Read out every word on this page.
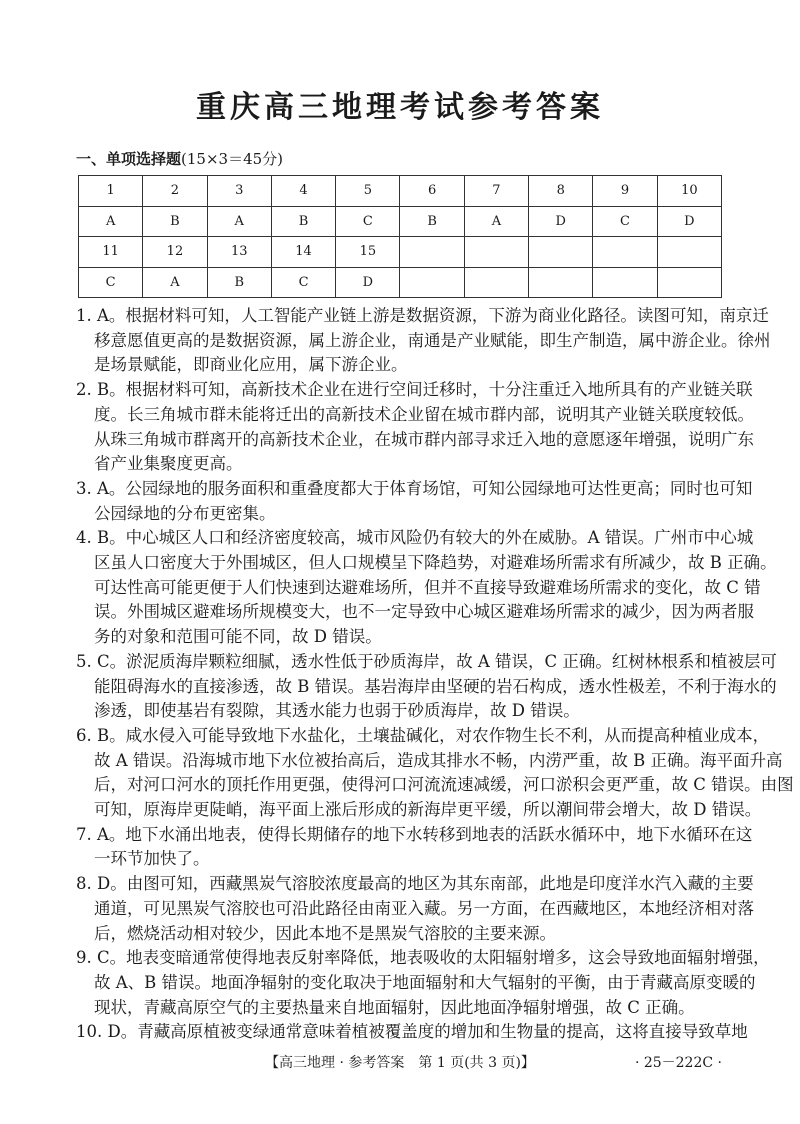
重庆高三地理考试参考答案
一、单项选择题(15×3＝45分)
1	2	3	4	5	6	7	8	9	10
A	B	A	B	C	B	A	D	C	D
11	12	13	14	15					
C	A	B	C	D					
1. A。根据材料可知，人工智能产业链上游是数据资源，下游为商业化路径。读图可知，南京迁
移意愿值更高的是数据资源，属上游企业，南通是产业赋能，即生产制造，属中游企业。徐州
是场景赋能，即商业化应用，属下游企业。
2. B。根据材料可知，高新技术企业在进行空间迁移时，十分注重迁入地所具有的产业链关联
度。长三角城市群未能将迁出的高新技术企业留在城市群内部，说明其产业链关联度较低。
从珠三角城市群离开的高新技术企业，在城市群内部寻求迁入地的意愿逐年增强，说明广东
省产业集聚度更高。
3. A。公园绿地的服务面积和重叠度都大于体育场馆，可知公园绿地可达性更高；同时也可知
公园绿地的分布更密集。
4. B。中心城区人口和经济密度较高，城市风险仍有较大的外在威胁。A 错误。广州市中心城
区虽人口密度大于外围城区，但人口规模呈下降趋势，对避难场所需求有所减少，故 B 正确。
可达性高可能更便于人们快速到达避难场所，但并不直接导致避难场所需求的变化，故 C 错
误。外围城区避难场所规模变大，也不一定导致中心城区避难场所需求的减少，因为两者服
务的对象和范围可能不同，故 D 错误。
5. C。淤泥质海岸颗粒细腻，透水性低于砂质海岸，故 A 错误，C 正确。红树林根系和植被层可
能阻碍海水的直接渗透，故 B 错误。基岩海岸由坚硬的岩石构成，透水性极差，不利于海水的
渗透，即使基岩有裂隙，其透水能力也弱于砂质海岸，故 D 错误。
6. B。咸水侵入可能导致地下水盐化，土壤盐碱化，对农作物生长不利，从而提高种植业成本，
故 A 错误。沿海城市地下水位被抬高后，造成其排水不畅，内涝严重，故 B 正确。海平面升高
后，对河口河水的顶托作用更强，使得河口河流流速减缓，河口淤积会更严重，故 C 错误。由图
可知，原海岸更陡峭，海平面上涨后形成的新海岸更平缓，所以潮间带会增大，故 D 错误。
7. A。地下水涌出地表，使得长期储存的地下水转移到地表的活跃水循环中，地下水循环在这
一环节加快了。
8. D。由图可知，西藏黑炭气溶胶浓度最高的地区为其东南部，此地是印度洋水汽入藏的主要
通道，可见黑炭气溶胶也可沿此路径由南亚入藏。另一方面，在西藏地区，本地经济相对落
后，燃烧活动相对较少，因此本地不是黑炭气溶胶的主要来源。
9. C。地表变暗通常使得地表反射率降低，地表吸收的太阳辐射增多，这会导致地面辐射增强，
故 A、B 错误。地面净辐射的变化取决于地面辐射和大气辐射的平衡，由于青藏高原变暖的
现状，青藏高原空气的主要热量来自地面辐射，因此地面净辐射增强，故 C 正确。
10. D。青藏高原植被变绿通常意味着植被覆盖度的增加和生物量的提高，这将直接导致草地
【高三地理 · 参考答案　第 1 页(共 3 页)】	· 25－222C ·
